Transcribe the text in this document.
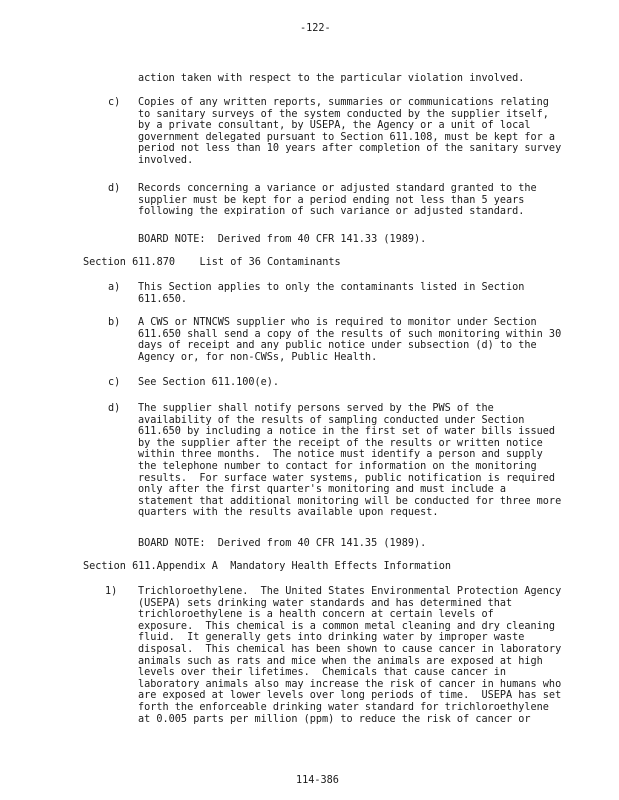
-122-
action taken with respect to the particular violation involved.
c) Copies of any written reports, summaries or communications relating
to sanitary surveys of the system conducted by the supplier itself,
by a private consultant, by USEPA, the Agency or a unit of local
government delegated pursuant to Section 611.108, must be kept for a
period not less than 10 years after completion of the sanitary survey
involved.
d) Records concerning a variance or adjusted standard granted to the
supplier must be kept for a period ending not less than 5 years
following the expiration of such variance or adjusted standard.
BOARD NOTE:  Derived from 40 CFR 141.33 (1989).
Section 611.870    List of 36 Contaminants
a) This Section applies to only the contaminants listed in Section
611.650.
b) A CWS or NTNCWS supplier who is required to monitor under Section
611.650 shall send a copy of the results of such monitoring within 30
days of receipt and any public notice under subsection (d) to the
Agency or, for non-CWSs, Public Health.
c) See Section 611.100(e).
d) The supplier shall notify persons served by the PWS of the
availability of the results of sampling conducted under Section
611.650 by including a notice in the first set of water bills issued
by the supplier after the receipt of the results or written notice
within three months.  The notice must identify a person and supply
the telephone number to contact for information on the monitoring
results.  For surface water systems, public notification is required
only after the first quarter's monitoring and must include a
statement that additional monitoring will be conducted for three more
quarters with the results available upon request.
BOARD NOTE:  Derived from 40 CFR 141.35 (1989).
Section 611.Appendix A  Mandatory Health Effects Information
1) Trichloroethylene.  The United States Environmental Protection Agency
(USEPA) sets drinking water standards and has determined that
trichloroethylene is a health concern at certain levels of
exposure.  This chemical is a common metal cleaning and dry cleaning
fluid.  It generally gets into drinking water by improper waste
disposal.  This chemical has been shown to cause cancer in laboratory
animals such as rats and mice when the animals are exposed at high
levels over their lifetimes.  Chemicals that cause cancer in
laboratory animals also may increase the risk of cancer in humans who
are exposed at lower levels over long periods of time.  USEPA has set
forth the enforceable drinking water standard for trichloroethylene
at 0.005 parts per million (ppm) to reduce the risk of cancer or
114-386
